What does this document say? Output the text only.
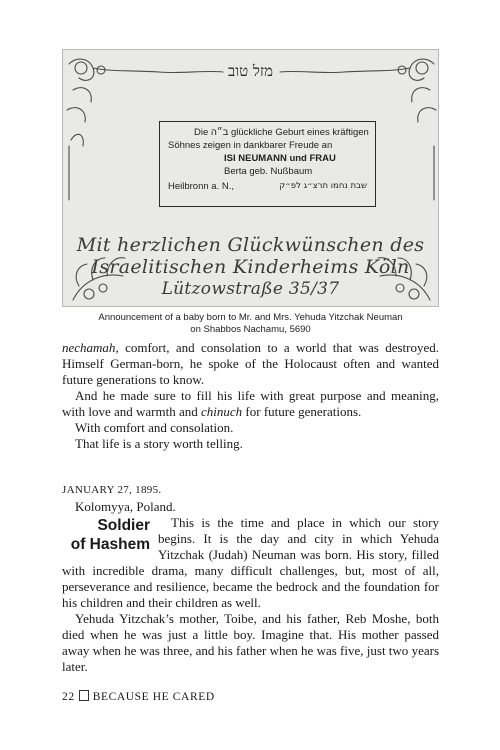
מזל טוב
Die ב״ה glückliche Geburt eines kräftigen
Söhnes zeigen in dankbarer Freude an
ISI NEUMANN und FRAU
Berta geb. Nußbaum
Heilbronn a. N.,	שבת נחמו תרצ״ג לפ״ק
Mit herzlichen Glückwünschen des
Israelitischen Kinderheims Köln
Lützowstraße 35/37
Announcement of a baby born to Mr. and Mrs. Yehuda Yitzchak Neuman
on Shabbos Nachamu, 5690

nechamah, comfort, and consolation to a world that was destroyed. Himself German-born, he spoke of the Holocaust often and wanted future generations to know.

And he made sure to fill his life with great purpose and meaning, with love and warmth and chinuch for future generations.

With comfort and consolation.

That life is a story worth telling.

JANUARY 27, 1895.

Kolomyya, Poland.

Soldier
of Hashem

This is the time and place in which our story begins. It is the day and city in which Yehuda Yitzchak (Judah) Neuman was born. His story, filled with incredible drama, many difficult challenges, but, most of all, perseverance and resilience, became the bedrock and the foundation for his children and their children as well.

Yehuda Yitzchak’s mother, Toibe, and his father, Reb Moshe, both died when he was just a little boy. Imagine that. His mother passed away when he was three, and his father when he was five, just two years later.

22 BECAUSE HE CARED
